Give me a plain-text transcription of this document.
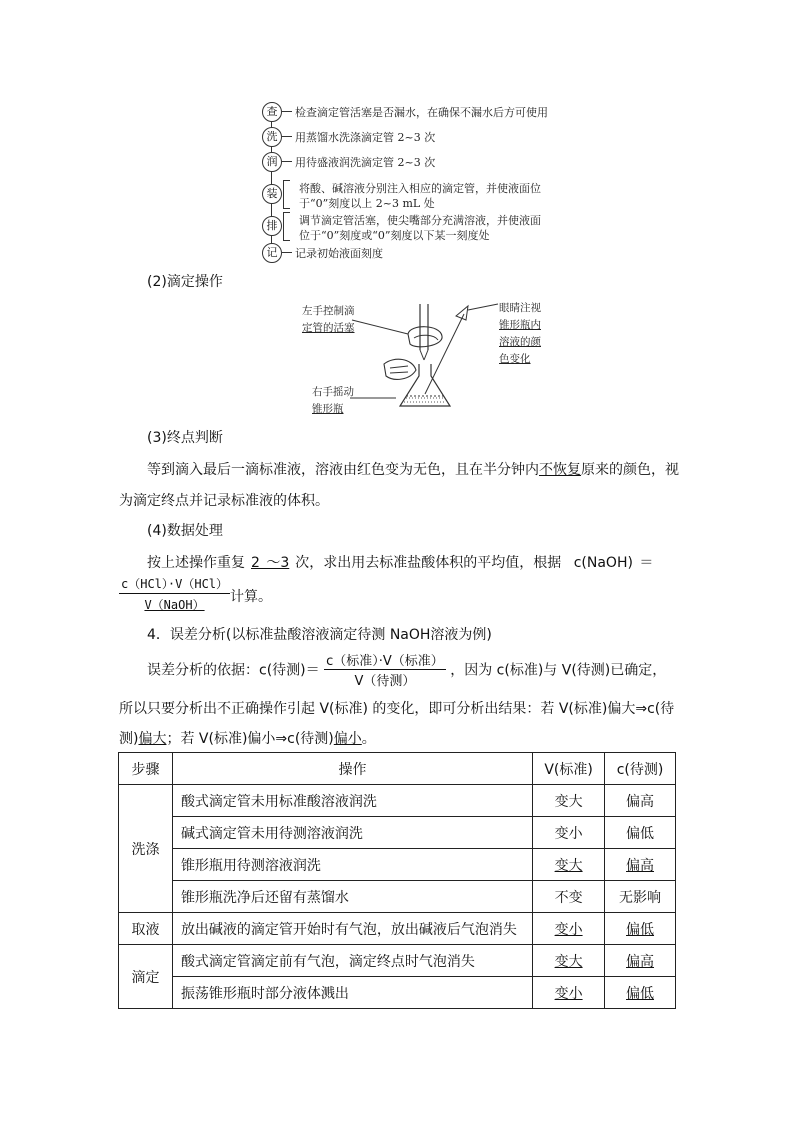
查	检查滴定管活塞是否漏水，在确保不漏水后方可使用
洗	用蒸馏水洗涤滴定管 2~3 次
润	用待盛液润洗滴定管 2~3 次
装	将酸、碱溶液分别注入相应的滴定管，并使液面位
于“0”刻度以上 2~3 mL 处
排	调节滴定管活塞，使尖嘴部分充满溶液，并使液面
位于“0”刻度或“0”刻度以下某一刻度处
记	记录初始液面刻度
(2)滴定操作
左手控制滴
定管的活塞
右手摇动
锥形瓶
眼睛注视
锥形瓶内
溶液的颜
色变化
(3)终点判断
等到滴入最后一滴标准液，溶液由红色变为无色，且在半分钟内不恢复原来的颜色，视
为滴定终点并记录标准液的体积。
(4)数据处理
按上述操作重复 2 ～3 次，求出用去标准盐酸体积的平均值，根据 c(NaOH) ＝
c（HCl）·V（HCl）
V（NaOH）	计算。
4．误差分析(以标准盐酸溶液滴定待测 NaOH溶液为例)
误差分析的依据：c(待测)＝
c（标准）·V（标准）
V（待测）
，因为 c(标准)与 V(待测)已确定，
所以只要分析出不正确操作引起 V(标准) 的变化，即可分析出结果：若 V(标准)偏大⇒c(待
测)偏大；若 V(标准)偏小⇒c(待测)偏小。
步骤	操作	V(标准)	c(待测)
洗涤	酸式滴定管未用标准酸溶液润洗	变大	偏高
	碱式滴定管未用待测溶液润洗	变小	偏低
	锥形瓶用待测溶液润洗	变大	偏高
	锥形瓶洗净后还留有蒸馏水	不变	无影响
取液	放出碱液的滴定管开始时有气泡，放出碱液后气泡消失	变小	偏低
滴定	酸式滴定管滴定前有气泡，滴定终点时气泡消失	变大	偏高
	振荡锥形瓶时部分液体溅出	变小	偏低
